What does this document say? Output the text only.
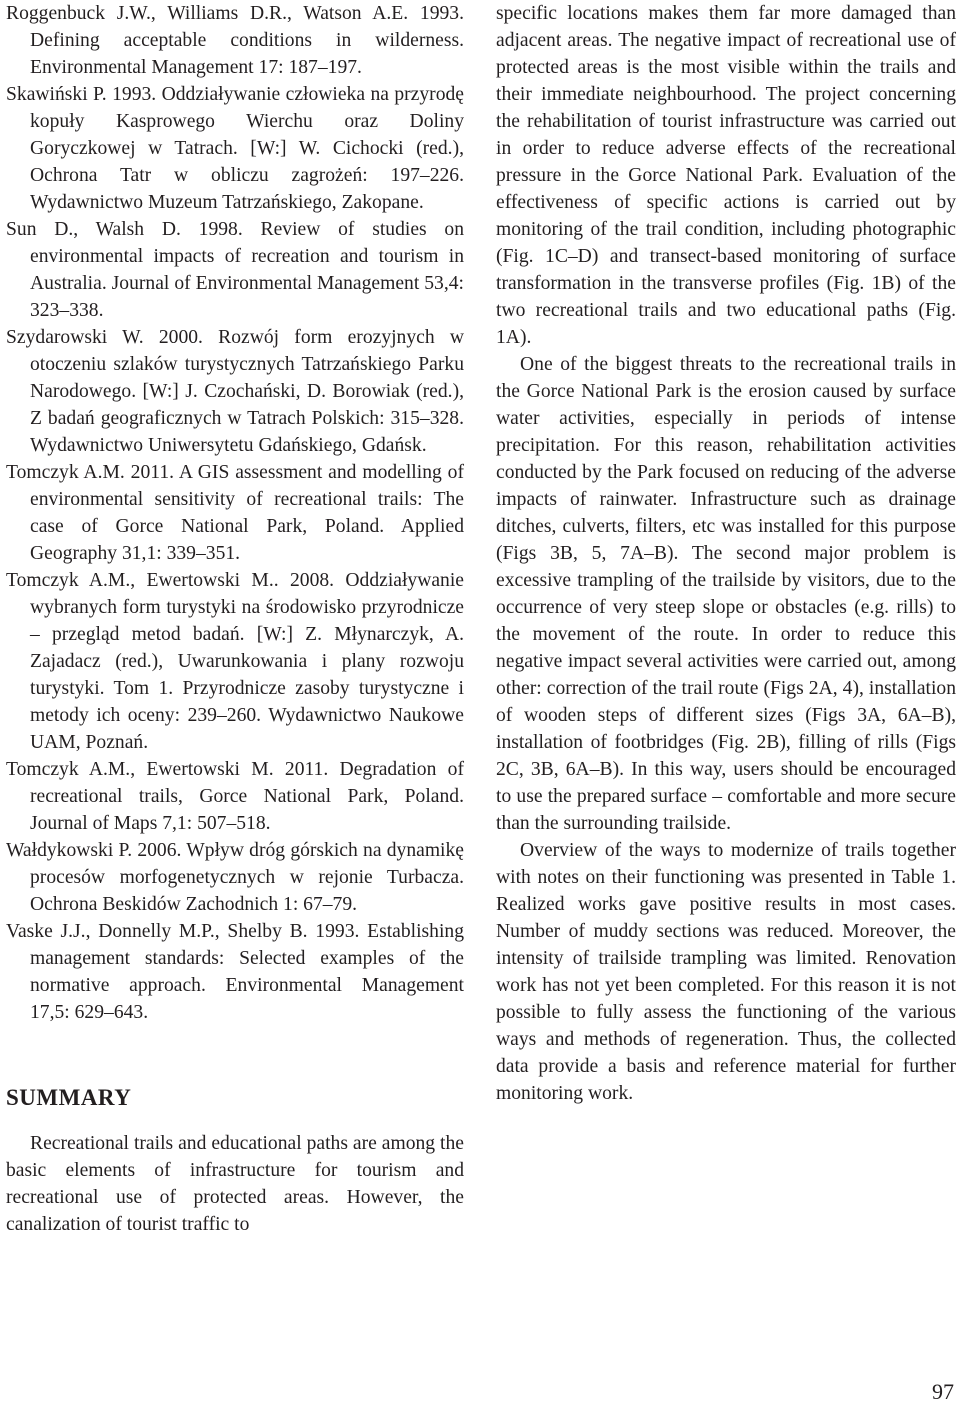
Roggenbuck J.W., Williams D.R., Watson A.E. 1993. Defining acceptable conditions in wilderness. Environmental Management 17: 187–197.

Skawiński P. 1993. Oddziaływanie człowieka na przyrodę kopuły Kasprowego Wierchu oraz Doliny Goryczkowej w Tatrach. [W:] W. Cichocki (red.), Ochrona Tatr w obliczu zagrożeń: 197–226. Wydawnictwo Muzeum Tatrzańskiego, Zakopane.

Sun D., Walsh D. 1998. Review of studies on environmental impacts of recreation and tourism in Australia. Journal of Environmental Management 53,4: 323–338.

Szydarowski W. 2000. Rozwój form erozyjnych w otoczeniu szlaków turystycznych Tatrzańskiego Parku Narodowego. [W:] J. Czochański, D. Borowiak (red.), Z badań geograficznych w Tatrach Polskich: 315–328. Wydawnictwo Uniwersytetu Gdańskiego, Gdańsk.

Tomczyk A.M. 2011. A GIS assessment and modelling of environmental sensitivity of recreational trails: The case of Gorce National Park, Poland. Applied Geography 31,1: 339–351.

Tomczyk A.M., Ewertowski M.. 2008. Oddziaływanie wybranych form turystyki na środowisko przyrodnicze – przegląd metod badań. [W:] Z. Młynarczyk, A. Zajadacz (red.), Uwarunkowania i plany rozwoju turystyki. Tom 1. Przyrodnicze zasoby turystyczne i metody ich oceny: 239–260. Wydawnictwo Naukowe UAM, Poznań.

Tomczyk A.M., Ewertowski M. 2011. Degradation of recreational trails, Gorce National Park, Poland. Journal of Maps 7,1: 507–518.

Wałdykowski P. 2006. Wpływ dróg górskich na dynamikę procesów morfogenetycznych w rejonie Turbacza. Ochrona Beskidów Zachodnich 1: 67–79.

Vaske J.J., Donnelly M.P., Shelby B. 1993. Establishing management standards: Selected examples of the normative approach. Environmental Management 17,5: 629–643.

SUMMARY

Recreational trails and educational paths are among the basic elements of infrastructure for tourism and recreational use of protected areas. However, the canalization of tourist traffic to

specific locations makes them far more damaged than adjacent areas. The negative impact of recreational use of protected areas is the most visible within the trails and their immediate neighbourhood. The project concerning the rehabilitation of tourist infrastructure was carried out in order to reduce adverse effects of the recreational pressure in the Gorce National Park. Evaluation of the effectiveness of specific actions is carried out by monitoring of the trail condition, including photographic (Fig. 1C–D) and transect-based monitoring of surface transformation in the transverse profiles (Fig. 1B) of the two recreational trails and two educational paths (Fig. 1A).

One of the biggest threats to the recreational trails in the Gorce National Park is the erosion caused by surface water activities, especially in periods of intense precipitation. For this reason, rehabilitation activities conducted by the Park focused on reducing of the adverse impacts of rainwater. Infrastructure such as drainage ditches, culverts, filters, etc was installed for this purpose (Figs 3B, 5, 7A–B). The second major problem is excessive trampling of the trailside by visitors, due to the occurrence of very steep slope or obstacles (e.g. rills) to the movement of the route. In order to reduce this negative impact several activities were carried out, among other: correction of the trail route (Figs 2A, 4), installation of wooden steps of different sizes (Figs 3A, 6A–B), installation of footbridges (Fig. 2B), filling of rills (Figs 2C, 3B, 6A–B). In this way, users should be encouraged to use the prepared surface – comfortable and more secure than the surrounding trailside.

Overview of the ways to modernize of trails together with notes on their functioning was presented in Table 1. Realized works gave positive results in most cases. Number of muddy sections was reduced. Moreover, the intensity of trailside trampling was limited. Renovation work has not yet been completed. For this reason it is not possible to fully assess the functioning of the various ways and methods of regeneration. Thus, the collected data provide a basis and reference material for further monitoring work.

97
